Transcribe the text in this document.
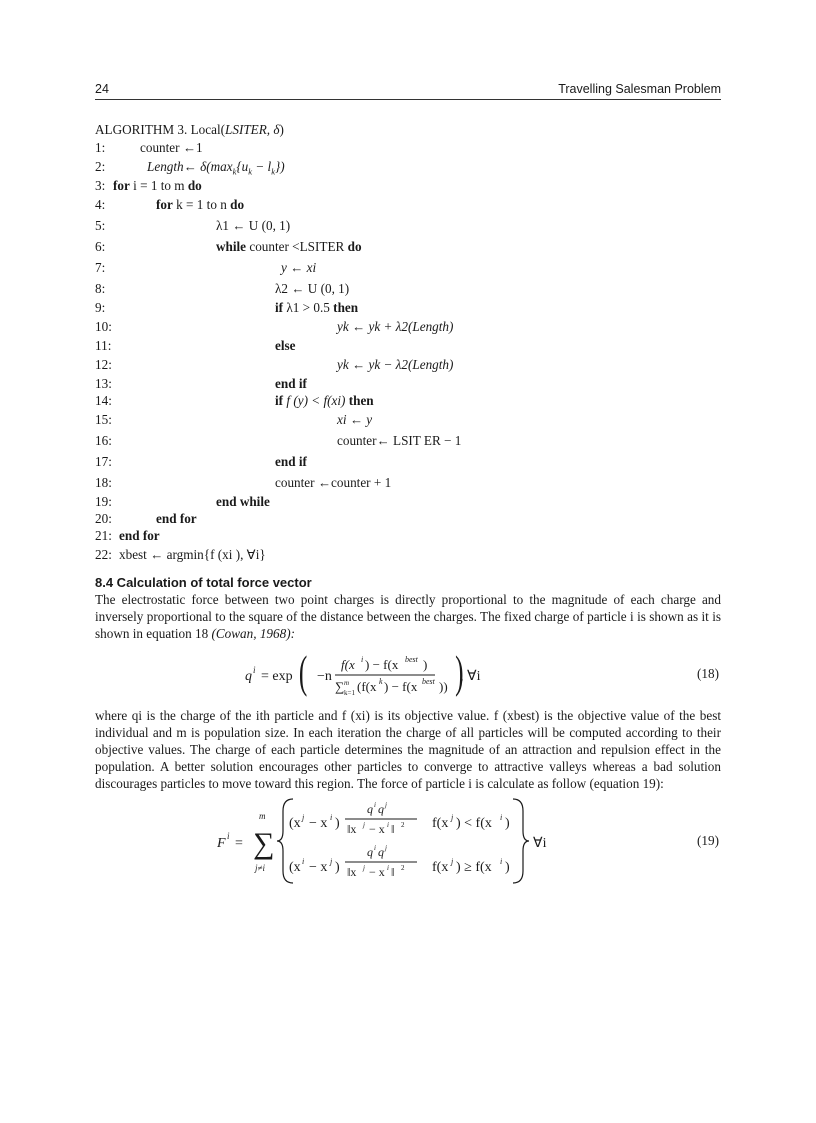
24	Travelling Salesman Problem
ALGORITHM 3. Local(LSITER, δ)
1:	counter ←1
2:	Length← $\delta(\max_k\{u_k - l_k\})$
3: for i = 1 to m do
4:	for k = 1 to n do
5:	λ1 ← U (0, 1)
6:	while counter <LSITER do
7:	y ← xi
8:	λ2 ← U (0, 1)
9:	if λ1 > 0.5 then
10:	yk ← yk + λ2(Length)
11:	else
12:	yk ← yk − λ2(Length)
13:	end if
14:	if f (y) < f(xi) then
15:	xi ← y
16:	counter← LSIT ER − 1
17:	end if
18:	counter ←counter + 1
19:	end while
20:	end for
21: end for
22: xbest ← argmin{f (xi ), ∀i}
8.4 Calculation of total force vector

The electrostatic force between two point charges is directly proportional to the magnitude of each charge and inversely proportional to the square of the distance between the charges. The fixed charge of particle i is shown as it is shown in equation 18 (Cowan, 1968):

q i = exp ( −n
f(x i ) − f(x best )
∑ m
k=1 (f(x k ) − f(x best )) )
, ∀i	(18)

where qi is the charge of the ith particle and f (xi) is its objective value. f (xbest) is the objective value of the best individual and m is population size. In each iteration the charge of all particles will be computed according to their objective values. The charge of each particle determines the magnitude of an attraction and repulsion effect in the population. A better solution encourages other particles to converge to attractive valleys whereas a bad solution discourages particles to move toward this region. The force of particle i is calculate as follow (equation 19):

F i =
m
∑
j≠i
(x j − x i )
q i q j
‖x j − x i ‖ 2 f(x j ) < f(x i )
(x i − x j )
q i q j
‖x j − x i ‖ 2 f(x j ) ≥ f(x i )
∀i	(19)
